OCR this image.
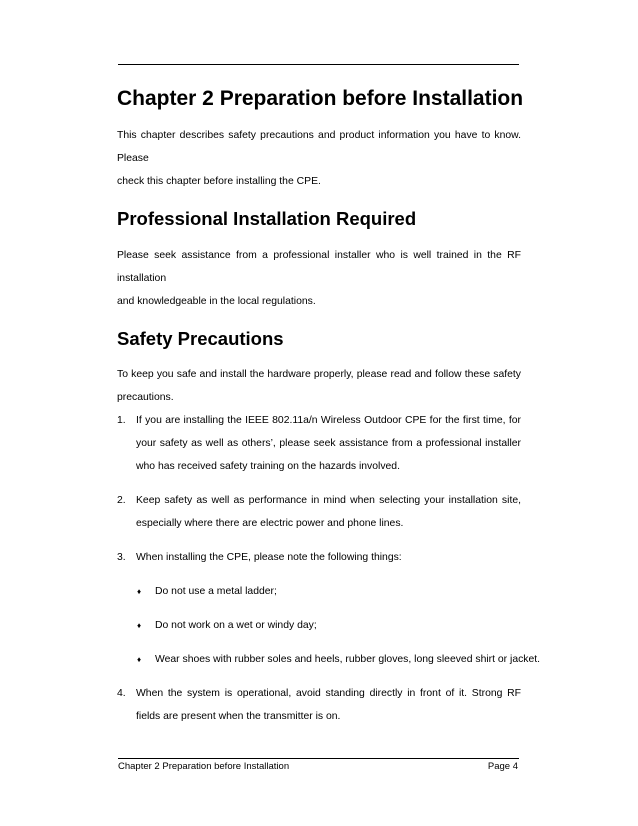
Chapter 2 Preparation before Installation

This chapter describes safety precautions and product information you have to know. Please

check this chapter before installing the CPE.

Professional Installation Required

Please seek assistance from a professional installer who is well trained in the RF installation

and knowledgeable in the local regulations.

Safety Precautions

To keep you safe and install the hardware properly, please read and follow these safety

precautions.

1. If you are installing the IEEE 802.11a/n Wireless Outdoor CPE for the first time, for your safety as well as others’, please seek assistance from a professional installer who has received safety training on the hazards involved.
2. Keep safety as well as performance in mind when selecting your installation site, especially where there are electric power and phone lines.
3. When installing the CPE, please note the following things:
♦ Do not use a metal ladder;
♦ Do not work on a wet or windy day;
♦ Wear shoes with rubber soles and heels, rubber gloves, long sleeved shirt or jacket.
4. When the system is operational, avoid standing directly in front of it. Strong RF fields are present when the transmitter is on.
Chapter 2 Preparation before Installation	Page 4
